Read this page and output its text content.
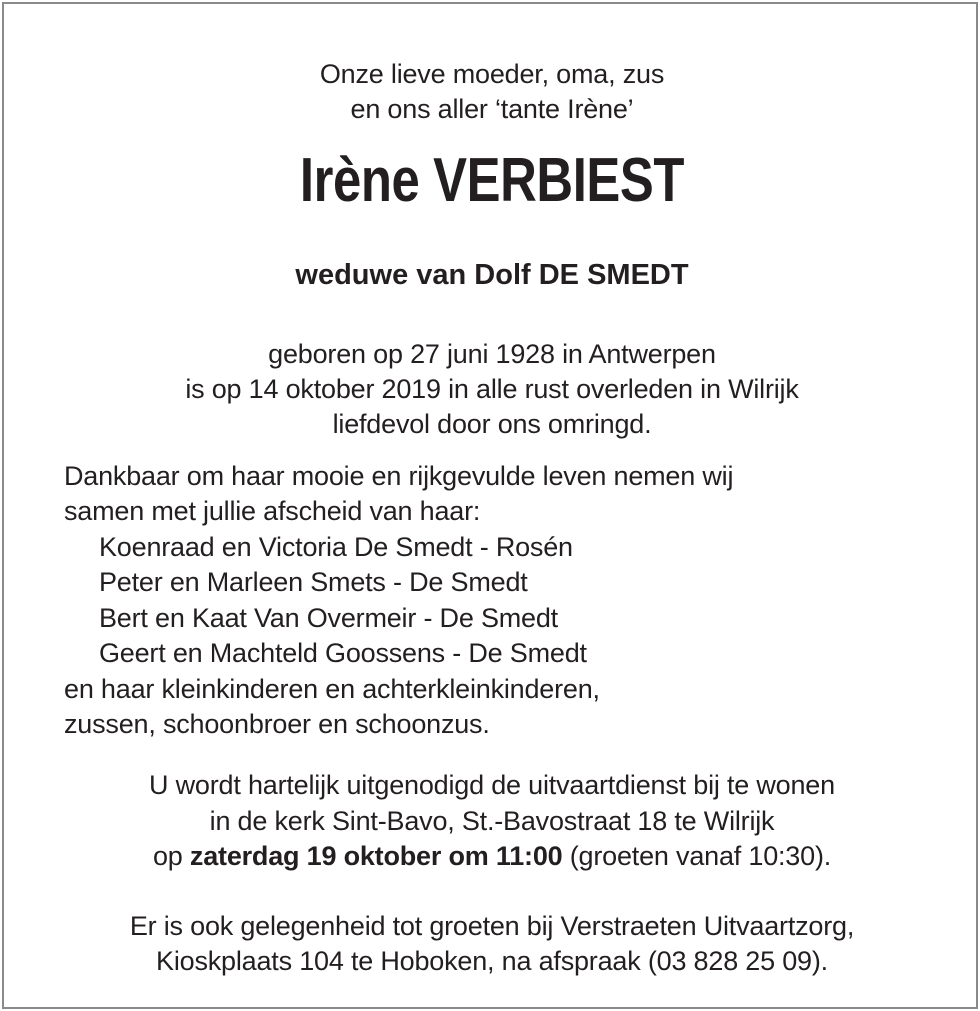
Onze lieve moeder, oma, zus
en ons aller ‘tante Irène’
Irène VERBIEST
weduwe van Dolf DE SMEDT
geboren op 27 juni 1928 in Antwerpen
is op 14 oktober 2019 in alle rust overleden in Wilrijk
liefdevol door ons omringd.
Dankbaar om haar mooie en rijkgevulde leven nemen wij
samen met jullie afscheid van haar:
Koenraad en Victoria De Smedt - Rosén
Peter en Marleen Smets - De Smedt
Bert en Kaat Van Overmeir - De Smedt
Geert en Machteld Goossens - De Smedt
en haar kleinkinderen en achterkleinkinderen,
zussen, schoonbroer en schoonzus.
U wordt hartelijk uitgenodigd de uitvaartdienst bij te wonen
in de kerk Sint-Bavo, St.-Bavostraat 18 te Wilrijk
op zaterdag 19 oktober om 11:00 (groeten vanaf 10:30).
Er is ook gelegenheid tot groeten bij Verstraeten Uitvaartzorg,
Kioskplaats 104 te Hoboken, na afspraak (03 828 25 09).
